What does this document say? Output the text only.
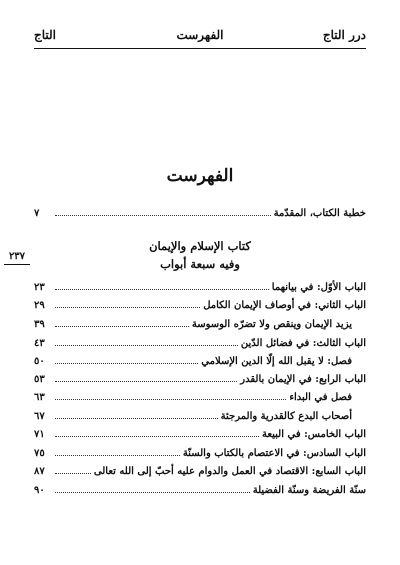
درر التاج
الفهرست
التاج
الفهرست
خطبة الكتاب، المقدّمة
٧
٢٣٧
كتاب الإسلام والإيمان
وفيه سبعة أبواب
الباب الأوّل: في بيانهما
٢٣
الباب الثاني: في أوصاف الإيمان الكامل
٢٩
يزيد الإيمان وينقص ولا تضرّه الوسوسة
٣٩
الباب الثالث: في فضائل الدّين
٤٣
فصل: لا يقبل الله إلّا الدين الإسلامي
٥٠
الباب الرابع: في الإيمان بالقدر
٥٣
فصل في البداء
٦٣
أصحاب البدع كالقدرية والمرجئة
٦٧
الباب الخامس: في البيعة
٧١
الباب السادس: في الاعتصام بالكتاب والسنّة
٧٥
الباب السابع: الاقتصاد في العمل والدوام عليه أحبّ إلى الله تعالى
٨٧
سنّة الفريضة وسنّة الفضيلة
٩٠
